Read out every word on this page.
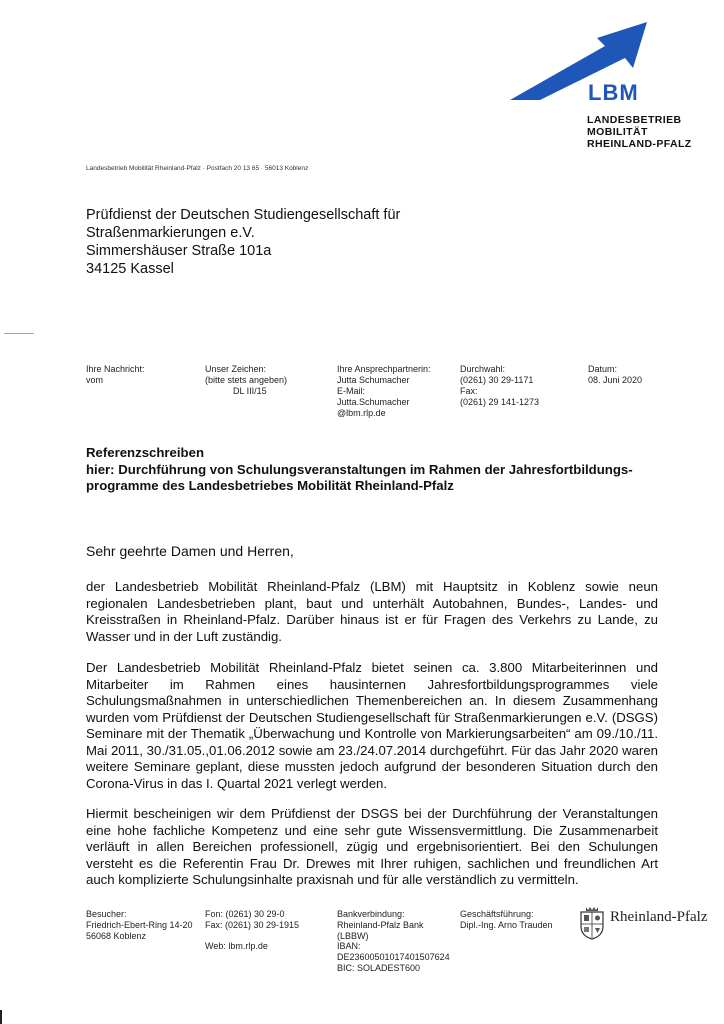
LBM
LANDESBETRIEB
MOBILITÄT
RHEINLAND-PFALZ
Landesbetrieb Mobilität Rheinland-Pfalz · Postfach 20 13 65 · 56013 Koblenz
Prüfdienst der Deutschen Studiengesellschaft für
Straßenmarkierungen e.V.
Simmershäuser Straße 101a
34125 Kassel
Ihre Nachricht:
vom
Unser Zeichen:
(bitte stets angeben)
DL III/15
Ihre Ansprechpartnerin:
Jutta Schumacher
E-Mail:
Jutta.Schumacher
@lbm.rlp.de
Durchwahl:
(0261) 30 29-1171
Fax:
(0261) 29 141-1273
Datum:
08. Juni 2020
Referenzschreiben
hier: Durchführung von Schulungsveranstaltungen im Rahmen der Jahresfortbildungs-
programme des Landesbetriebes Mobilität Rheinland-Pfalz
Sehr geehrte Damen und Herren,
der Landesbetrieb Mobilität Rheinland-Pfalz (LBM) mit Hauptsitz in Koblenz sowie neun regionalen Landesbetrieben plant, baut und unterhält Autobahnen, Bundes-, Landes- und Kreisstraßen in Rheinland-Pfalz. Darüber hinaus ist er für Fragen des Verkehrs zu Lande, zu Wasser und in der Luft zuständig.
Der Landesbetrieb Mobilität Rheinland-Pfalz bietet seinen ca. 3.800 Mitarbeiterinnen und Mitarbeiter im Rahmen eines hausinternen Jahresfortbildungsprogrammes viele Schulungsmaßnahmen in unterschiedlichen Themenbereichen an. In diesem Zusammenhang wurden vom Prüfdienst der Deutschen Studiengesellschaft für Straßenmarkierungen e.V. (DSGS) Seminare mit der Thematik „Überwachung und Kontrolle von Markierungsarbeiten“ am 09./10./11. Mai 2011, 30./31.05.,01.06.2012 sowie am 23./24.07.2014 durchgeführt. Für das Jahr 2020 waren weitere Seminare geplant, diese mussten jedoch aufgrund der besonderen Situation durch den Corona-Virus in das I. Quartal 2021 verlegt werden.
Hiermit bescheinigen wir dem Prüfdienst der DSGS bei der Durchführung der Veranstaltungen eine hohe fachliche Kompetenz und eine sehr gute Wissensvermittlung. Die Zusammenarbeit verläuft in allen Bereichen professionell, zügig und ergebnisorientiert. Bei den Schulungen versteht es die Referentin Frau Dr. Drewes mit Ihrer ruhigen, sachlichen und freundlichen Art auch komplizierte Schulungsinhalte praxisnah und für alle verständlich zu vermitteln.
Besucher:
Friedrich-Ebert-Ring 14-20
56068 Koblenz
Fon: (0261) 30 29-0
Fax: (0261) 30 29-1915
Web: lbm.rlp.de
Bankverbindung:
Rheinland-Pfalz Bank
(LBBW)
IBAN:
DE23600501017401507624
BIC: SOLADEST600
Geschäftsführung:
Dipl.-Ing. Arno Trauden	Rheinland-Pfalz
